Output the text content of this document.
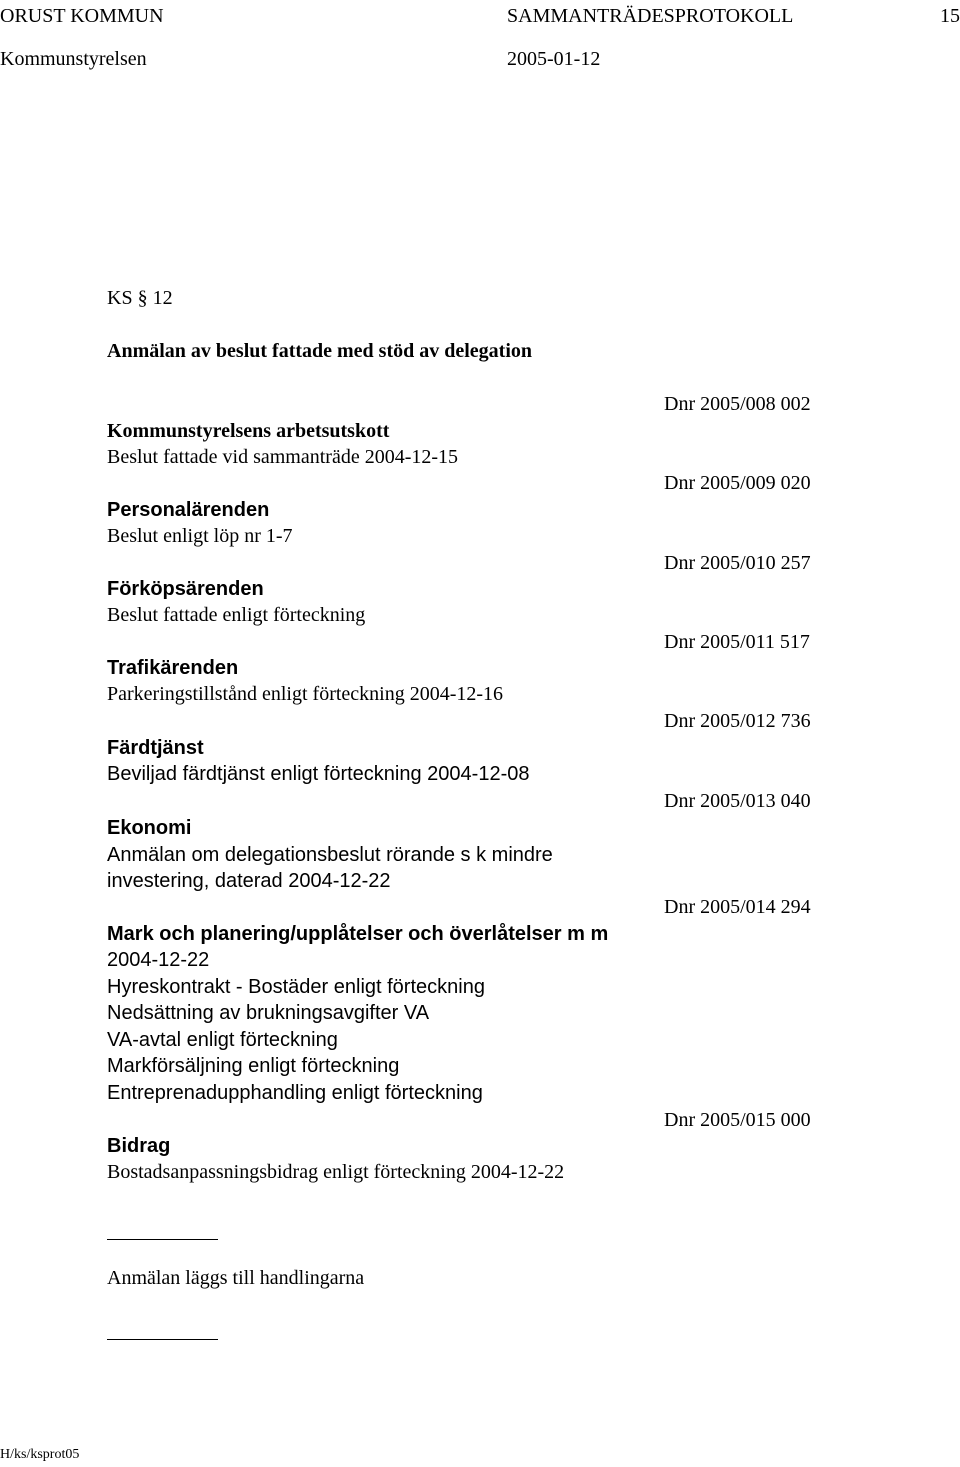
ORUST KOMMUN	SAMMANTRÄDESPROTOKOLL	15
Kommunstyrelsen	2005-01-12
KS § 12
Anmälan av beslut fattade med stöd av delegation
Kommunstyrelsens arbetsutskott
Beslut fattade vid sammanträde 2004-12-15
Dnr 2005/008 002
Personalärenden
Beslut enligt löp nr 1-7
Dnr 2005/009 020
Förköpsärenden
Beslut fattade enligt förteckning
Dnr 2005/010 257
Trafikärenden
Parkeringstillstånd enligt förteckning 2004-12-16
Dnr 2005/011 517
Färdtjänst
Beviljad färdtjänst enligt förteckning 2004-12-08
Dnr 2005/012 736
Ekonomi
Anmälan om delegationsbeslut rörande s k mindre
investering, daterad 2004-12-22
Dnr 2005/013 040
Mark och planering/upplåtelser och överlåtelser m m
2004-12-22
Hyreskontrakt - Bostäder enligt förteckning
Nedsättning av brukningsavgifter VA
VA-avtal enligt förteckning
Markförsäljning enligt förteckning
Entreprenadupphandling enligt förteckning
Dnr 2005/014 294
Bidrag
Bostadsanpassningsbidrag enligt förteckning 2004-12-22
Dnr 2005/015 000
Anmälan läggs till handlingarna
H/ks/ksprot05
